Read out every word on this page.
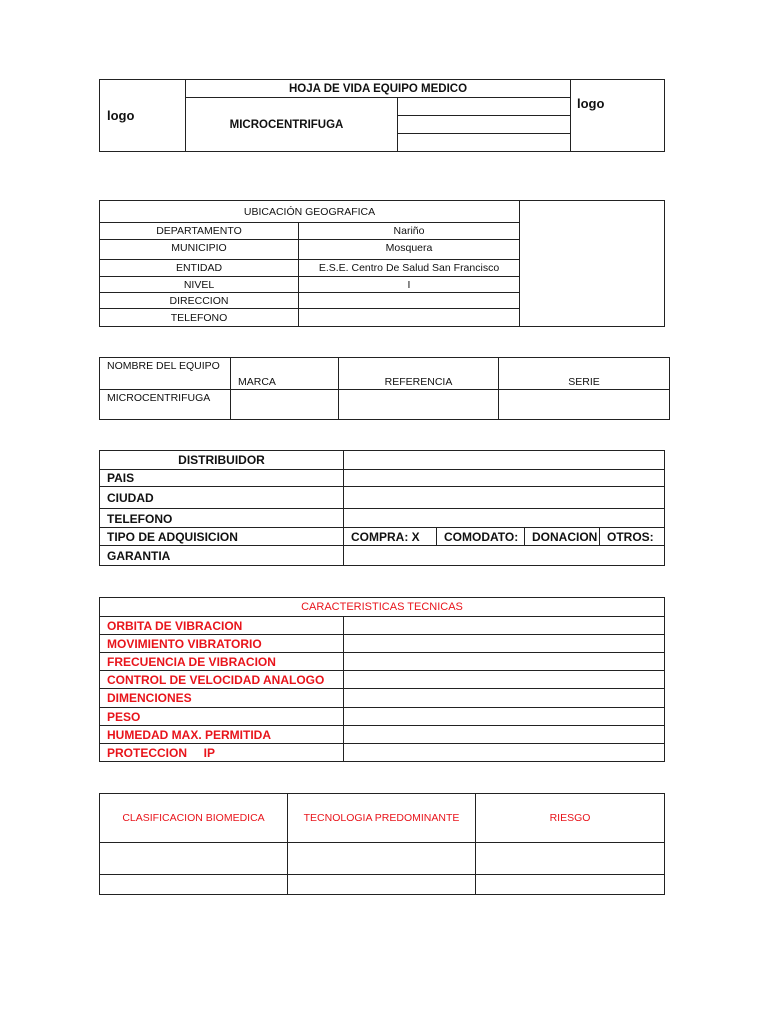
logo	HOJA DE VIDA EQUIPO MEDICO		logo
	MICROCENTRIFUGA		

UBICACIÓN GEOGRAFICA		
DEPARTAMENTO	Nariño	
MUNICIPIO	Mosquera	
ENTIDAD	E.S.E. Centro De Salud San Francisco	
NIVEL	I	
DIRECCION		
TELEFONO		
NOMBRE DEL EQUIPO	MARCA	REFERENCIA	SERIE
MICROCENTRIFUGA			
DISTRIBUIDOR				
PAIS				
CIUDAD				
TELEFONO				
TIPO DE ADQUISICION	COMPRA: X	COMODATO:	DONACION	OTROS:
GARANTIA				
CARACTERISTICAS TECNICAS	
ORBITA DE VIBRACION	
MOVIMIENTO VIBRATORIO	
FRECUENCIA DE VIBRACION	
CONTROL DE VELOCIDAD ANALOGO	
DIMENCIONES	
PESO	
HUMEDAD MAX. PERMITIDA	
PROTECCION     IP	
CLASIFICACION BIOMEDICA	TECNOLOGIA PREDOMINANTE	RIESGO
